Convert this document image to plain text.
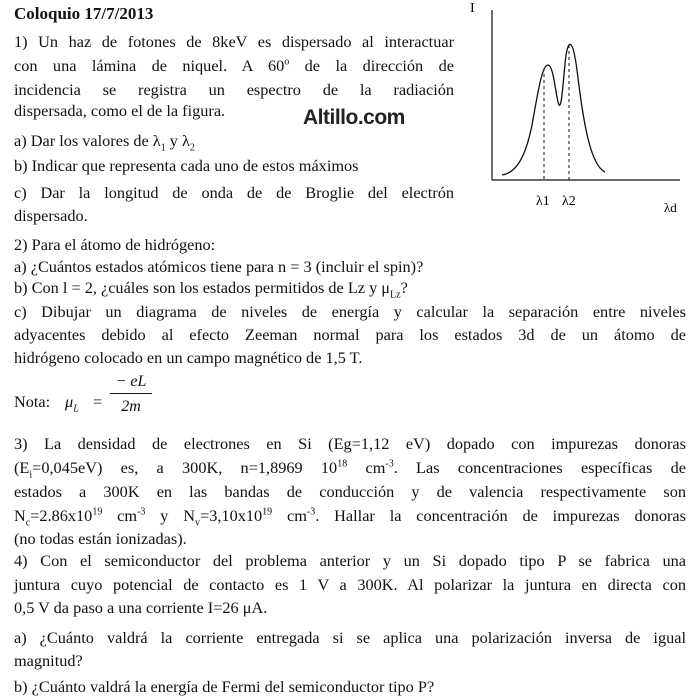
Coloquio 17/7/2013

1) Un haz de fotones de 8keV es dispersado al interactuar

con una lámina de niquel. A 60$^o$ de la dirección de

incidencia se registra un espectro de la radiación

dispersada, como el de la figura.

a) Dar los valores de $\lambda_1$ y $\lambda_2$

b) Indicar que representa cada uno de estos máximos

c) Dar la longitud de onda de de Broglie del electrón

dispersado.

Altillo.com

I
λ1 λ2	λd

2) Para el átomo de hidrógeno:

a) ¿Cuántos estados atómicos tiene para n = 3 (incluir el spin)?

b) Con l = 2, ¿cuáles son los estados permitidos de Lz y $\mu_{Lz}$?

c) Dibujar un diagrama de niveles de energía y calcular la separación entre niveles

adyacentes debido al efecto Zeeman normal para los estados 3d de un átomo de

hidrógeno colocado en un campo magnético de 1,5 T.

Nota: $\mu_L = \frac{- eL}{2m}$

3) La densidad de electrones en Si (Eg=1,12 eV) dopado con impurezas donoras

$(E_i=0,045eV)$ es, a 300K, n=1,8969 $10^{18}$ $cm^{-3}$. Las concentraciones específicas de

estados a 300K en las bandas de conducción y de valencia respectivamente son

$N_c=2.86x10^{19}$ $cm^{-3}$ y $N_v=3,10x10^{19}$ $cm^{-3}$. Hallar la concentración de impurezas donoras

(no todas están ionizadas).

4) Con el semiconductor del problema anterior y un Si dopado tipo P se fabrica una

juntura cuyo potencial de contacto es 1 V a 300K. Al polarizar la juntura en directa con

0,5 V da paso a una corriente I=26 μA.

a) ¿Cuánto valdrá la corriente entregada si se aplica una polarización inversa de igual

magnitud?

b) ¿Cuánto valdrá la energía de Fermi del semiconductor tipo P?
